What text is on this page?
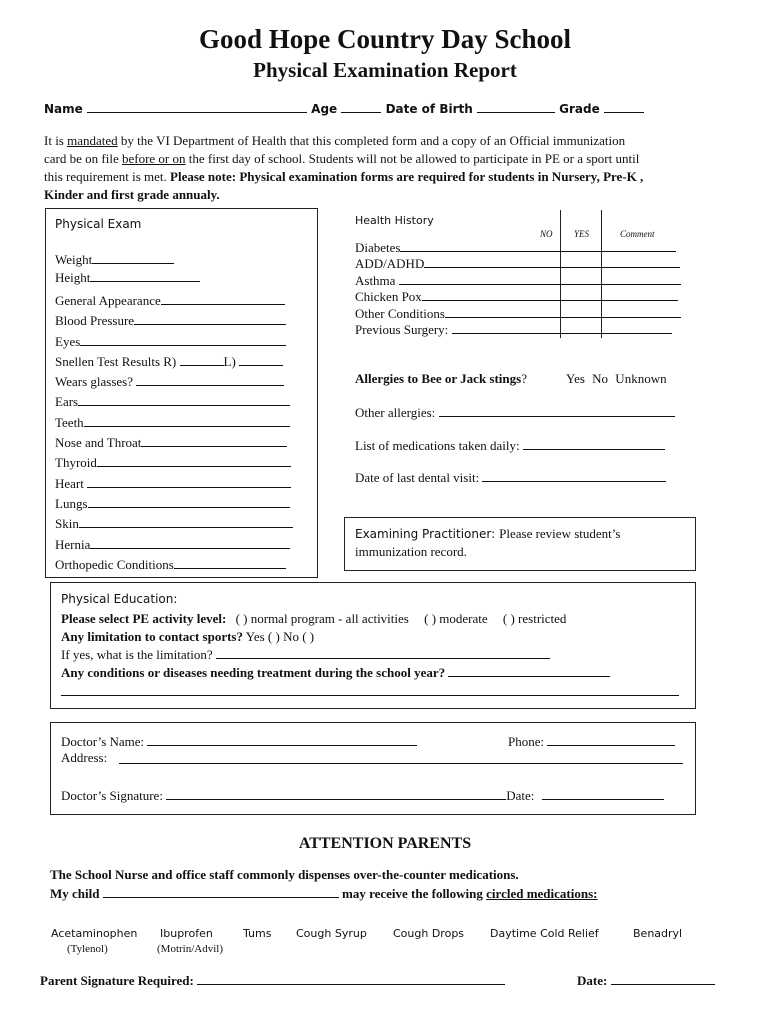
Good Hope Country Day School
Physical Examination Report
Name	Age	Date of Birth	Grade
It is mandated by the VI Department of Health that this completed form and a copy of an Official immunization
card be on file before or on the first day of school. Students will not be allowed to participate in PE or a sport until
this requirement is met. Please note: Physical examination forms are required for students in Nursery, Pre-K ,
Kinder and first grade annualy.
Physical Exam
Weight
Height
General Appearance
Blood Pressure
Eyes
Snellen Test Results R)	L)
Wears glasses?
Ears
Teeth
Nose and Throat
Thyroid
Heart
Lungs
Skin
Hernia
Orthopedic Conditions
Health History
NO YES	Comment
Diabetes
ADD/ADHD
Asthma
Chicken Pox
Other Conditions
Previous Surgery:
Allergies to Bee or Jack stings?	Yes No Unknown
Other allergies:
List of medications taken daily:
Date of last dental visit:
Examining Practitioner: Please review student’s
immunization record.
Physical Education:
Please select PE activity level: ( ) normal program - all activities ( ) moderate ( ) restricted
Any limitation to contact sports? Yes ( ) No ( )
If yes, what is the limitation?
Any conditions or diseases needing treatment during the school year?
Doctor’s Name:	Phone:
Address:
Doctor’s Signature:	Date:
ATTENTION PARENTS
The School Nurse and office staff commonly dispenses over-the-counter medications.
My child	may receive the following circled medications:
Acetaminophen
(Tylenol)
Ibuprofen
(Motrin/Advil)
Tums Cough Syrup Cough Drops Daytime Cold Relief	Benadryl
Parent Signature Required:	Date:
